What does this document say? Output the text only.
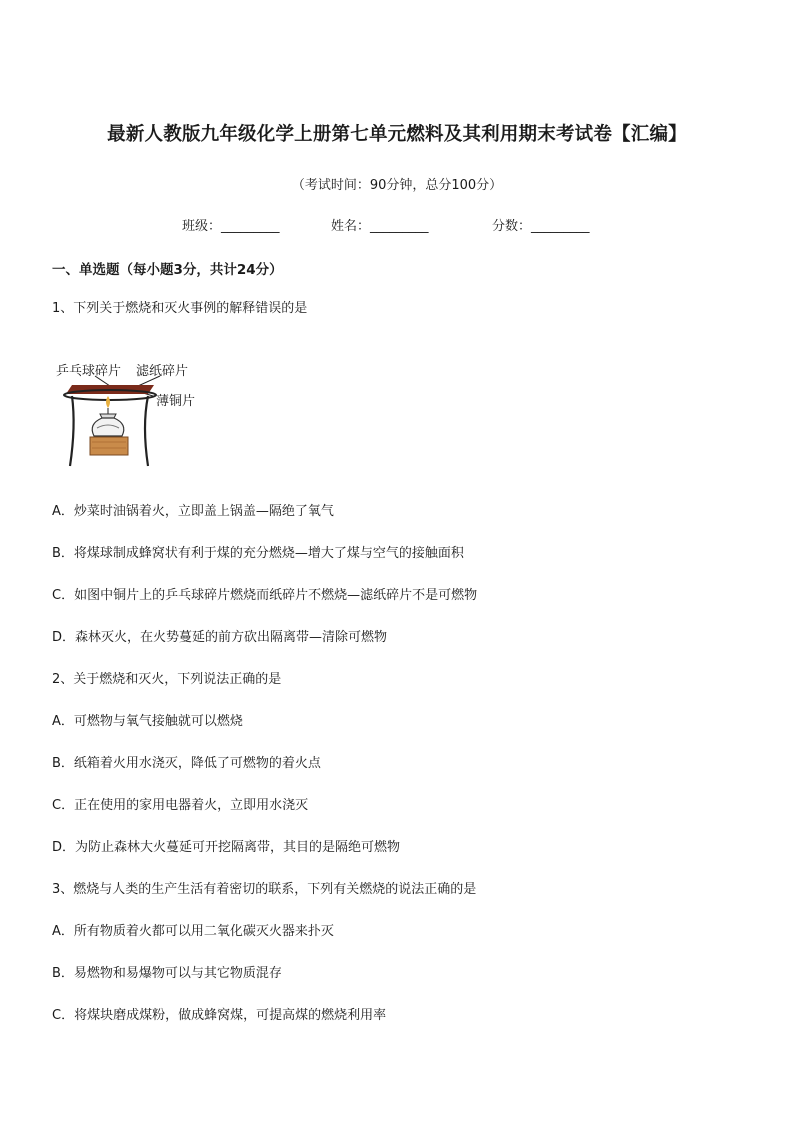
最新人教版九年级化学上册第七单元燃料及其利用期末考试卷【汇编】
（考试时间：90分钟，总分100分）
班级：_________	姓名：_________	分数：_________
一、单选题（每小题3分，共计24分）
1、下列关于燃烧和灭火事例的解释错误的是
乒乓球碎片 滤纸碎片
薄铜片
A．炒菜时油锅着火，立即盖上锅盖—隔绝了氧气
B．将煤球制成蜂窝状有利于煤的充分燃烧—增大了煤与空气的接触面积
C．如图中铜片上的乒乓球碎片燃烧而纸碎片不燃烧—滤纸碎片不是可燃物
D．森林灭火，在火势蔓延的前方砍出隔离带—清除可燃物
2、关于燃烧和灭火，下列说法正确的是
A．可燃物与氧气接触就可以燃烧
B．纸箱着火用水浇灭，降低了可燃物的着火点
C．正在使用的家用电器着火，立即用水浇灭
D．为防止森林大火蔓延可开挖隔离带，其目的是隔绝可燃物
3、燃烧与人类的生产生活有着密切的联系，下列有关燃烧的说法正确的是
A．所有物质着火都可以用二氧化碳灭火器来扑灭
B．易燃物和易爆物可以与其它物质混存
C．将煤块磨成煤粉，做成蜂窝煤，可提高煤的燃烧利用率
